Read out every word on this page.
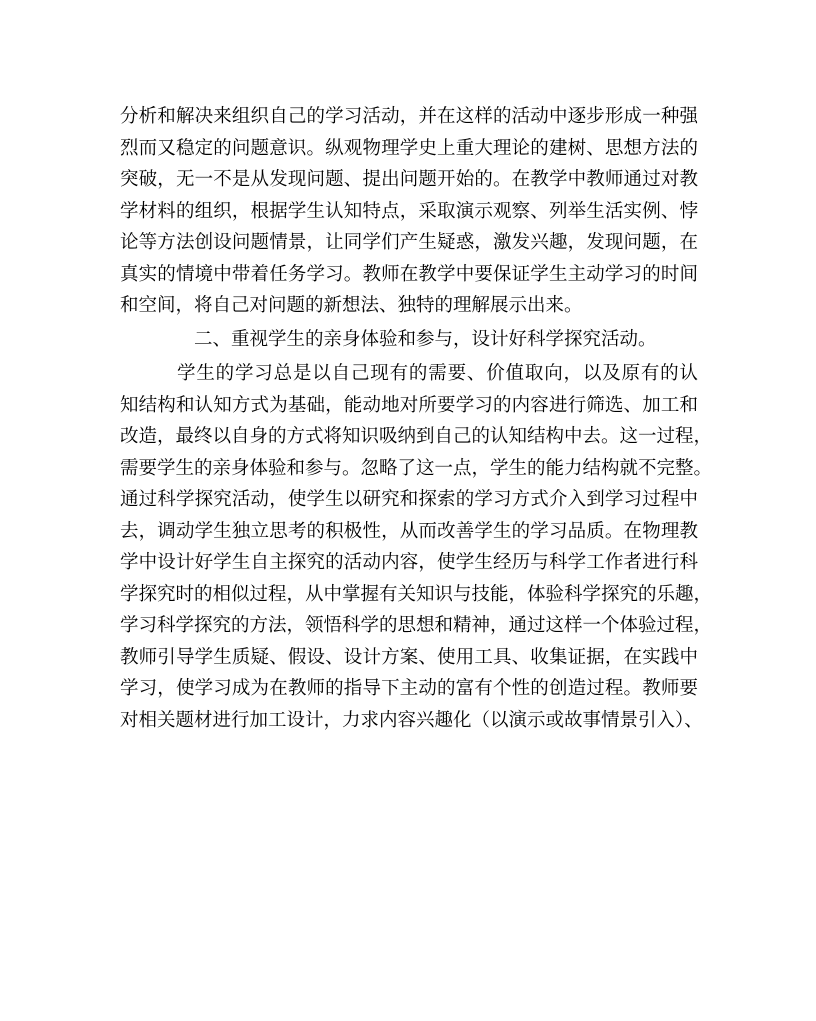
分析和解决来组织自己的学习活动，并在这样的活动中逐步形成一种强
烈而又稳定的问题意识。纵观物理学史上重大理论的建树、思想方法的
突破，无一不是从发现问题、提出问题开始的。在教学中教师通过对教
学材料的组织，根据学生认知特点，采取演示观察、列举生活实例、悖
论等方法创设问题情景，让同学们产生疑惑，激发兴趣，发现问题，在
真实的情境中带着任务学习。教师在教学中要保证学生主动学习的时间
和空间，将自己对问题的新想法、独特的理解展示出来。
二、重视学生的亲身体验和参与，设计好科学探究活动。
学生的学习总是以自己现有的需要、价值取向，以及原有的认
知结构和认知方式为基础，能动地对所要学习的内容进行筛选、加工和
改造，最终以自身的方式将知识吸纳到自己的认知结构中去。这一过程，
需要学生的亲身体验和参与。忽略了这一点，学生的能力结构就不完整。
通过科学探究活动，使学生以研究和探索的学习方式介入到学习过程中
去，调动学生独立思考的积极性，从而改善学生的学习品质。在物理教
学中设计好学生自主探究的活动内容，使学生经历与科学工作者进行科
学探究时的相似过程，从中掌握有关知识与技能，体验科学探究的乐趣，
学习科学探究的方法，领悟科学的思想和精神，通过这样一个体验过程，
教师引导学生质疑、假设、设计方案、使用工具、收集证据，在实践中
学习，使学习成为在教师的指导下主动的富有个性的创造过程。教师要
对相关题材进行加工设计，力求内容兴趣化（以演示或故事情景引入）、
